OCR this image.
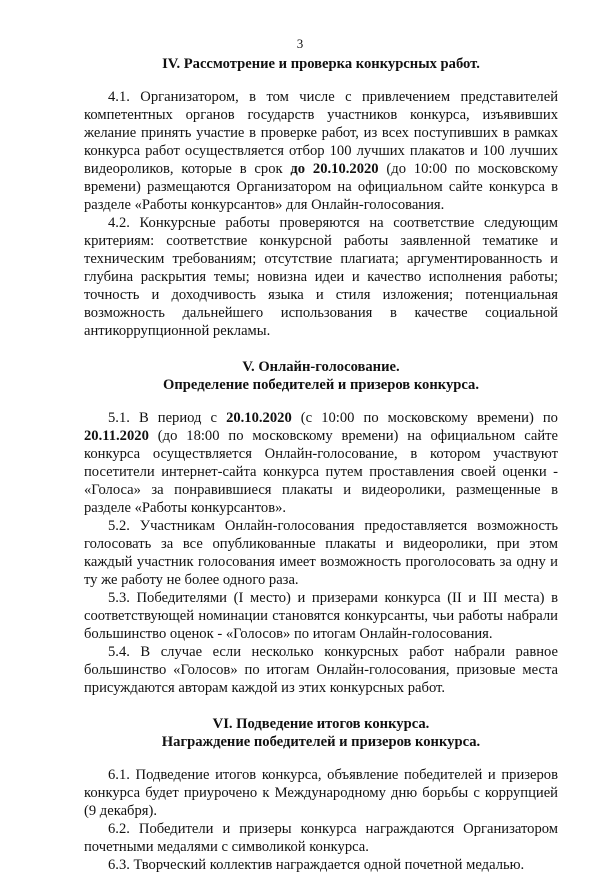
3
IV. Рассмотрение и проверка конкурсных работ.

4.1. Организатором, в том числе с привлечением представителей компетентных органов государств участников конкурса, изъявивших желание принять участие в проверке работ, из всех поступивших в рамках конкурса работ осуществляется отбор 100 лучших плакатов и 100 лучших видеороликов, которые в срок до 20.10.2020 (до 10:00 по московскому времени) размещаются Организатором на официальном сайте конкурса в разделе «Работы конкурсантов» для Онлайн-голосования.

4.2. Конкурсные работы проверяются на соответствие следующим критериям: соответствие конкурсной работы заявленной тематике и техническим требованиям; отсутствие плагиата; аргументированность и глубина раскрытия темы; новизна идеи и качество исполнения работы; точность и доходчивость языка и стиля изложения; потенциальная возможность дальнейшего использования в качестве социальной антикоррупционной рекламы.

V. Онлайн-голосование.
Определение победителей и призеров конкурса.

5.1. В период с 20.10.2020 (с 10:00 по московскому времени) по 20.11.2020 (до 18:00 по московскому времени) на официальном сайте конкурса осуществляется Онлайн-голосование, в котором участвуют посетители интернет-сайта конкурса путем проставления своей оценки - «Голоса» за понравившиеся плакаты и видеоролики, размещенные в разделе «Работы конкурсантов».

5.2. Участникам Онлайн-голосования предоставляется возможность голосовать за все опубликованные плакаты и видеоролики, при этом каждый участник голосования имеет возможность проголосовать за одну и ту же работу не более одного раза.

5.3. Победителями (I место) и призерами конкурса (II и III места) в соответствующей номинации становятся конкурсанты, чьи работы набрали большинство оценок - «Голосов» по итогам Онлайн-голосования.

5.4. В случае если несколько конкурсных работ набрали равное большинство «Голосов» по итогам Онлайн-голосования, призовые места присуждаются авторам каждой из этих конкурсных работ.

VI. Подведение итогов конкурса.
Награждение победителей и призеров конкурса.

6.1. Подведение итогов конкурса, объявление победителей и призеров конкурса будет приурочено к Международному дню борьбы с коррупцией (9 декабря).

6.2. Победители и призеры конкурса награждаются Организатором почетными медалями с символикой конкурса.

6.3. Творческий коллектив награждается одной почетной медалью.
